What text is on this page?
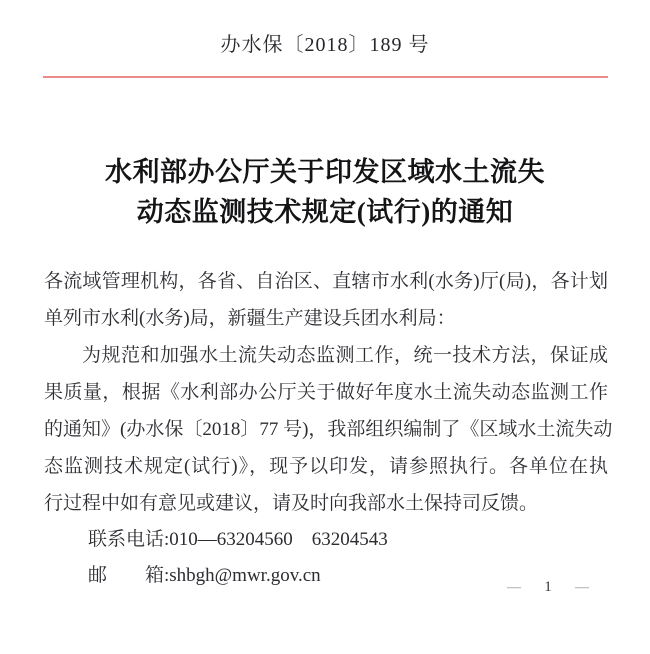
办水保〔2018〕189 号
水利部办公厅关于印发区域水土流失
动态监测技术规定(试行)的通知
各流域管理机构，各省、自治区、直辖市水利(水务)厅(局)，各计划
单列市水利(水务)局，新疆生产建设兵团水利局：
为规范和加强水土流失动态监测工作，统一技术方法，保证成
果质量，根据《水利部办公厅关于做好年度水土流失动态监测工作
的通知》(办水保〔2018〕77 号)，我部组织编制了《区域水土流失动
态监测技术规定(试行)》，现予以印发，请参照执行。各单位在执
行过程中如有意见或建议，请及时向我部水土保持司反馈。
联系电话:010—63204560　63204543
邮　　箱:shbgh@mwr.gov.cn
— 1 —
